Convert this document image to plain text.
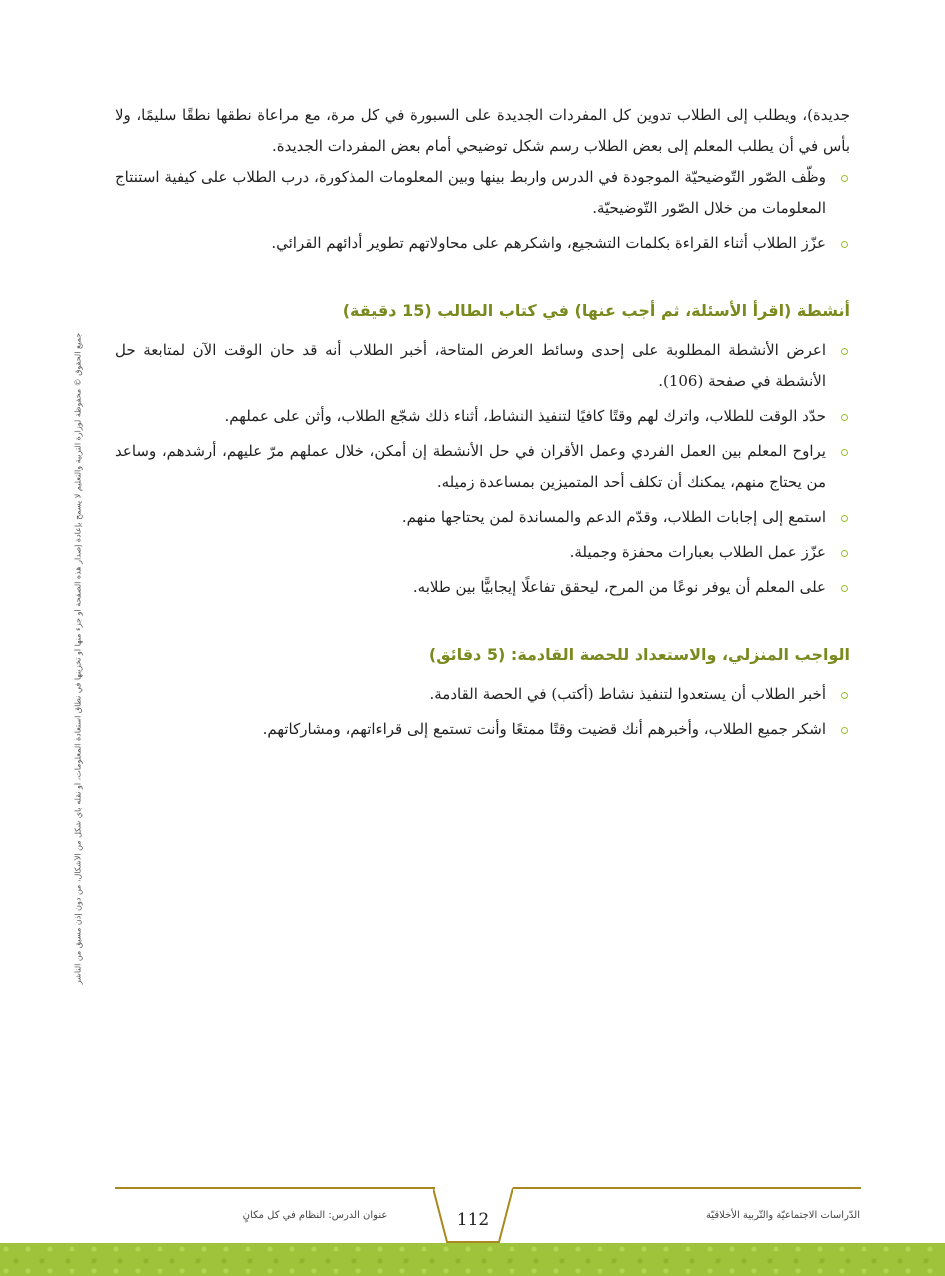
جديدة)، ويطلب إلى الطلاب تدوين كل المفردات الجديدة على السبورة في كل مرة، مع مراعاة نطقها نطقًا سليمًا، ولا بأس في أن يطلب المعلم إلى بعض الطلاب رسم شكل توضيحي أمام بعض المفردات الجديدة.

وظّف الصّور التّوضيحيّة الموجودة في الدرس واربط بينها وبين المعلومات المذكورة، درب الطلاب على كيفية استنتاج المعلومات من خلال الصّور التّوضيحيّة.
عزّز الطلاب أثناء القراءة بكلمات التشجيع، واشكرهم على محاولاتهم تطوير أدائهم القرائي.
أنشطة (اقرأ الأسئلة، ثم أجب عنها) في كتاب الطالب (15 دقيقة)
اعرض الأنشطة المطلوبة على إحدى وسائط العرض المتاحة، أخبر الطلاب أنه قد حان الوقت الآن لمتابعة حل الأنشطة في صفحة (106).
حدّد الوقت للطلاب، واترك لهم وقتًا كافيًا لتنفيذ النشاط، أثناء ذلك شجّع الطلاب، وأثن على عملهم.
يراوح المعلم بين العمل الفردي وعمل الأقران في حل الأنشطة إن أمكن، خلال عملهم مرّ عليهم، أرشدهم، وساعد من يحتاج منهم، يمكنك أن تكلف أحد المتميزين بمساعدة زميله.
استمع إلى إجابات الطلاب، وقدّم الدعم والمساندة لمن يحتاجها منهم.
عزّز عمل الطلاب بعبارات محفزة وجميلة.
على المعلم أن يوفر نوعًا من المرح، ليحقق تفاعلًا إيجابيًّا بين طلابه.
الواجب المنزلي، والاستعداد للحصة القادمة: (5 دقائق)
أخبر الطلاب أن يستعدوا لتنفيذ نشاط (أكتب) في الحصة القادمة.
اشكر جميع الطلاب، وأخبرهم أنك قضيت وقتًا ممتعًا وأنت تستمع إلى قراءاتهم، ومشاركاتهم.
جميع الحقوق © محفوظة لوزارة التربية والتعليم لا يسمح بإعادة إصدار هذه الصفحة أو جزء منها أو تخزينها في نطاق استعادة المعلومات، أو نقله بأي شكل من الأشكال، من دون إذن مسبق من الناشر
112
عنوان الدرس: النظام في كل مكانٍ	الدّراسات الاجتماعيّة والتّربية الأخلاقيّة
